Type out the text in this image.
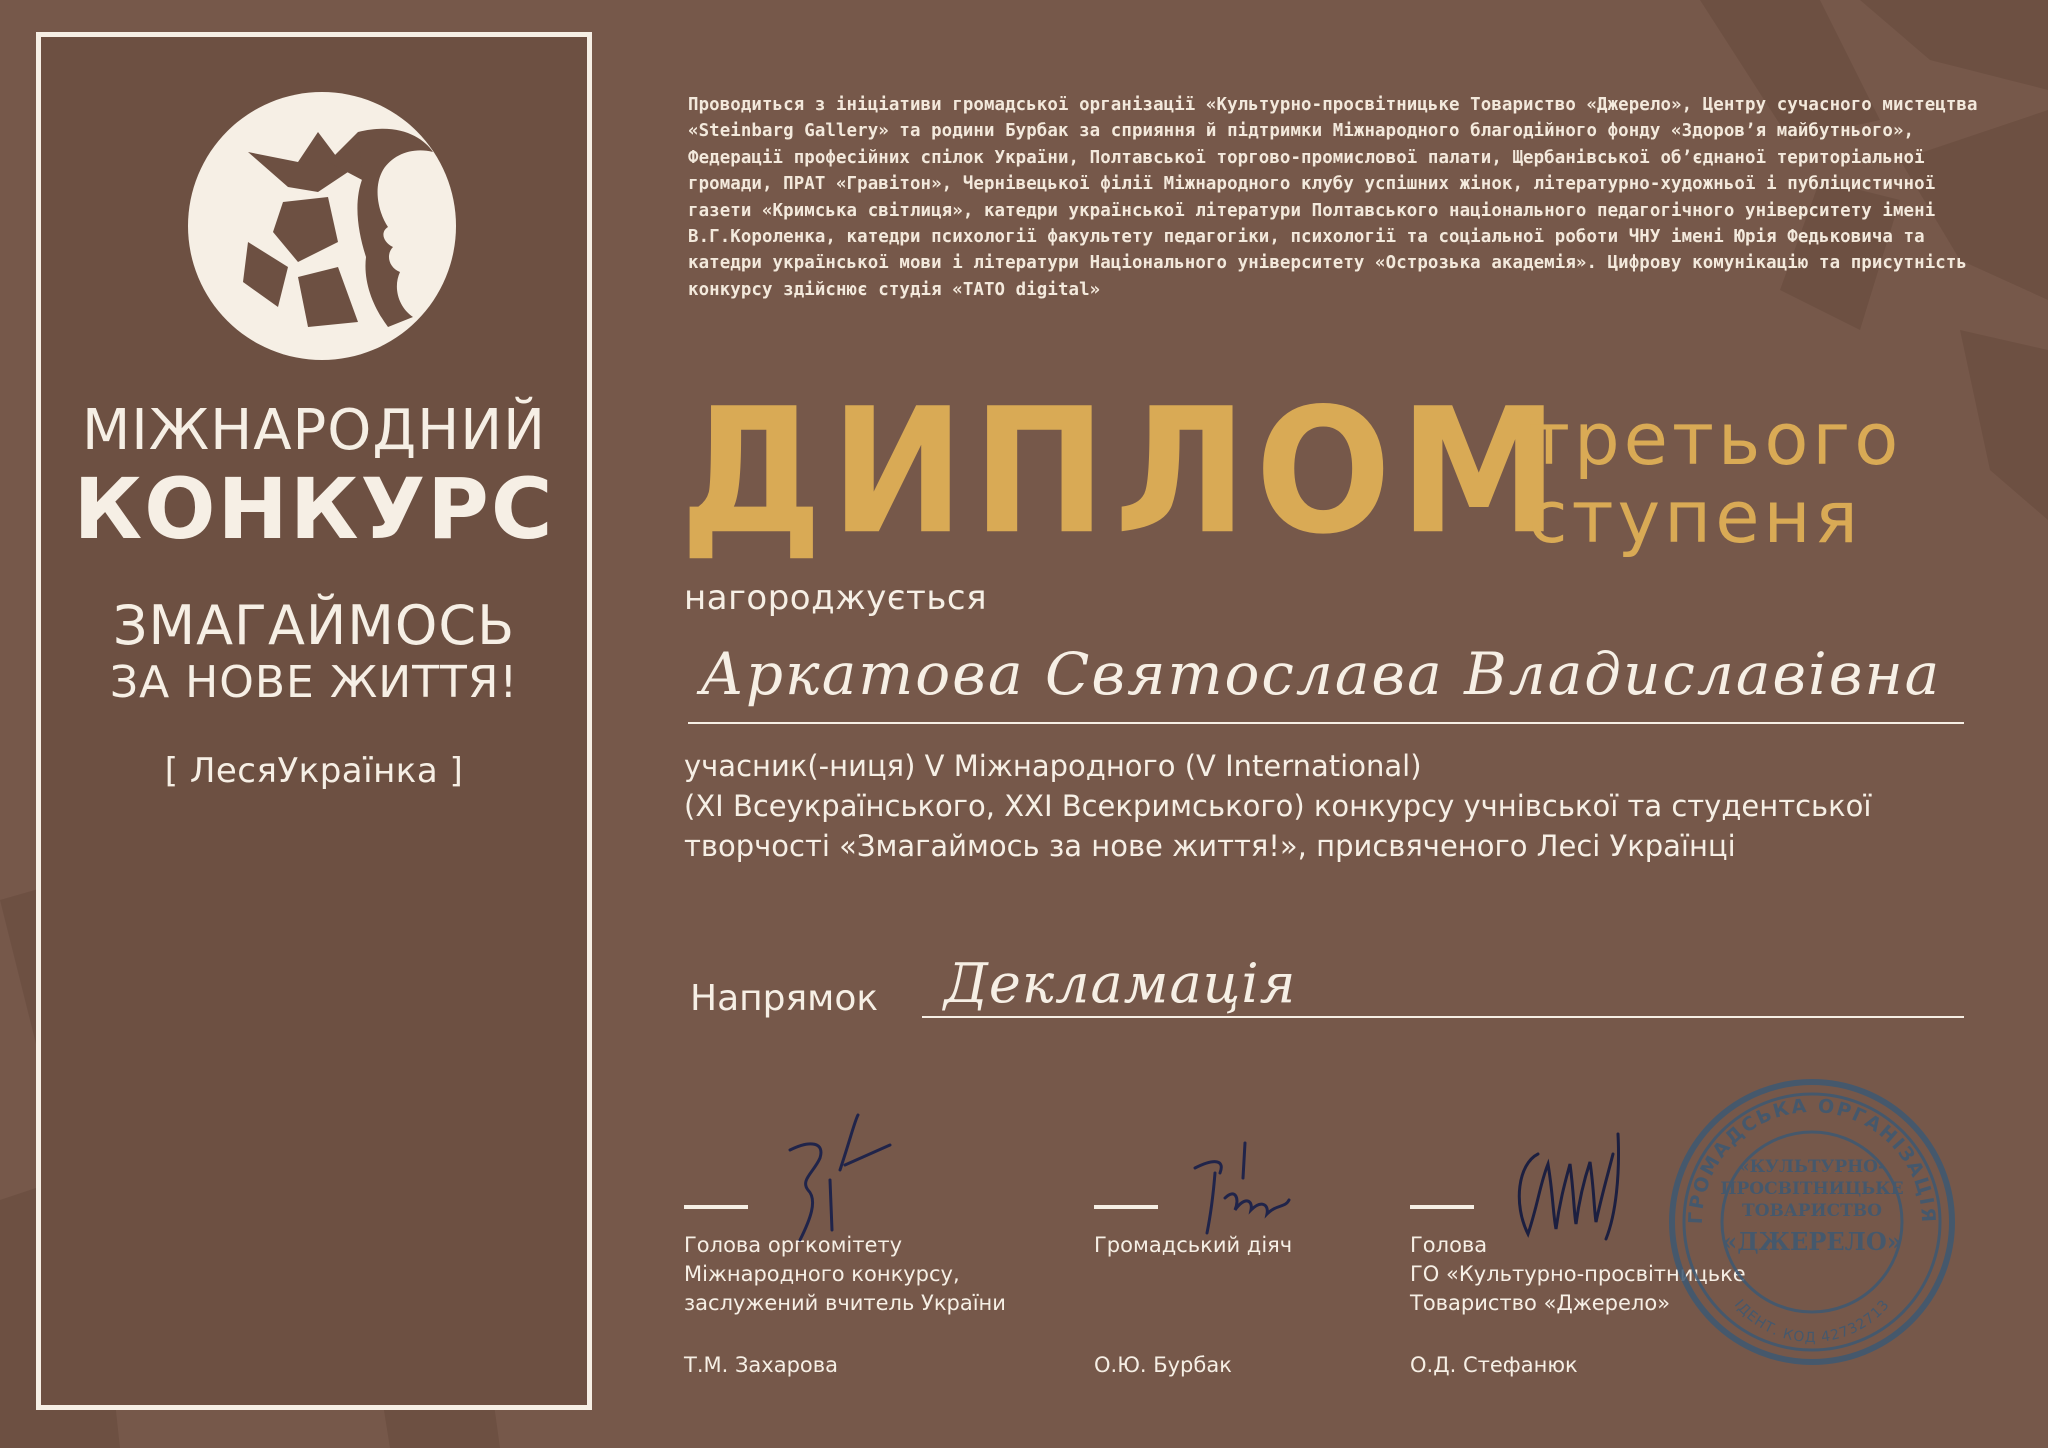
МІЖНАРОДНИЙ
КОНКУРС
ЗМАГАЙМОСЬ
ЗА НОВЕ ЖИТТЯ!
[ ЛесяУкраїнка ]
Проводиться з ініціативи громадської організації «Культурно-просвітницьке Товариство «Джерело», Центру сучасного мистецтва «Steinbarg Gallery» та родини Бурбак за сприяння й підтримки Міжнародного благодійного фонду «Здоров’я майбутнього», Федерації професійних спілок України, Полтавської торгово-промислової палати, Щербанівської об’єднаної територіальної громади, ПРАТ «Гравітон», Чернівецької філії Міжнародного клубу успішних жінок, літературно-художньої і публіцистичної газети «Кримська світлиця», катедри української літератури Полтавського національного педагогічного університету імені В.Г.Короленка, катедри психології факультету педагогіки, психології та соціальної роботи ЧНУ імені Юрія Федьковича та катедри української мови і літератури Національного університету «Острозька академія». Цифрову комунікацію та присутність конкурсу здійснює студія «TATO digital»
ДИПЛОМ
третього
ступеня
нагороджується
Аркатова Святослава Владиславівна
учасник(-ниця) V Міжнародного (V International)
(ХІ Всеукраїнського, ХХІ Всекримського) конкурсу учнівської та студентської
творчості «Змагаймось за нове життя!», присвяченого Лесі Українці
Напрямок Декламація
Голова оргкомітету
Міжнародного конкурсу,
заслужений вчитель України
Т.М. Захарова
Громадський діяч
О.Ю. Бурбак
Голова
ГО «Культурно-просвітницьке
Товариство «Джерело»
О.Д. Стефанюк
ГРОМАДСЬКА ОРГАНІЗАЦІЯ
ІДЕНТ. КОД 42732713
«КУЛЬТУРНО-
ПРОСВІТНИЦЬКЕ
ТОВАРИСТВО
«ДЖЕРЕЛО»
